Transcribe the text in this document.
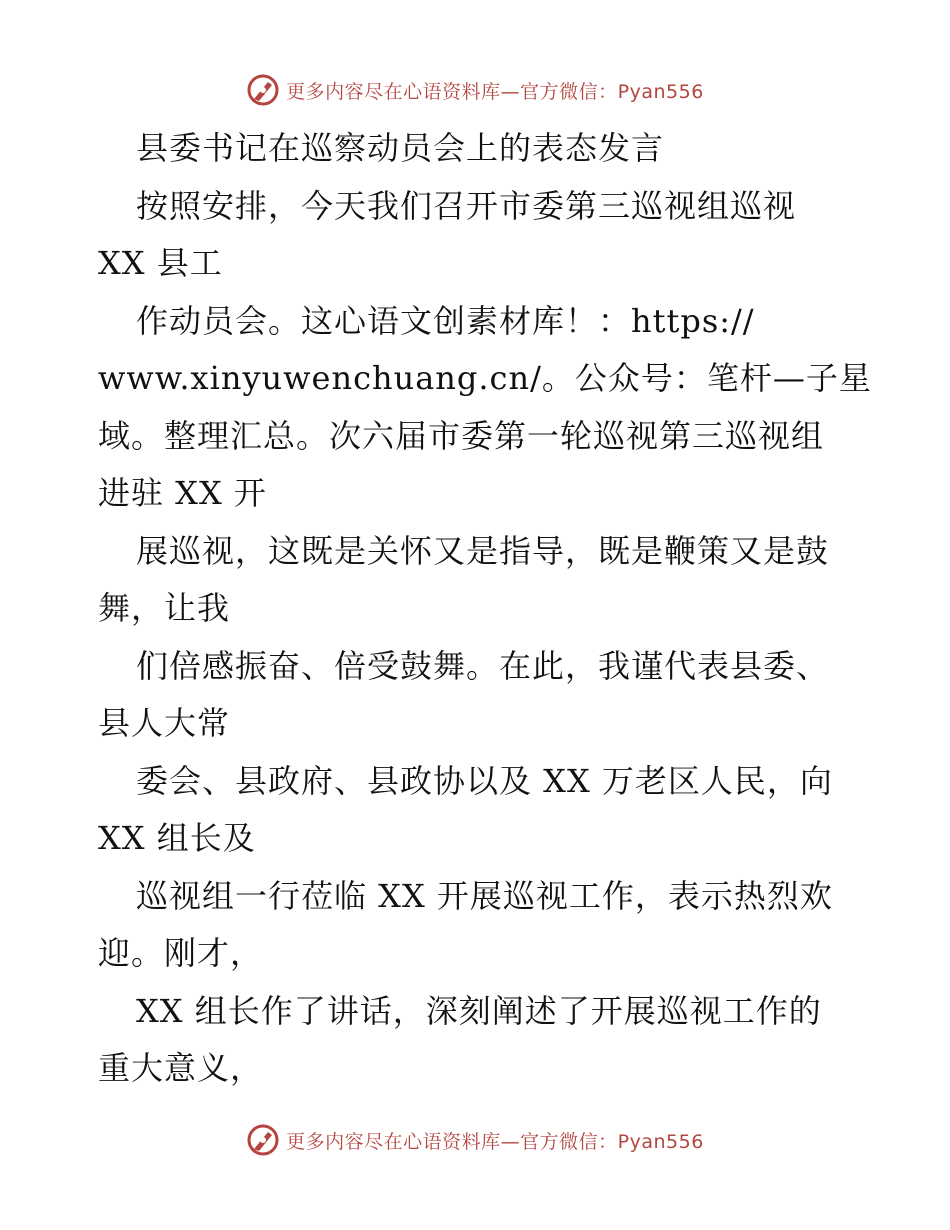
更多内容尽在心语资料库—官方微信：Pyan556
县委书记在巡察动员会上的表态发言
按照安排，今天我们召开市委第三巡视组巡视
XX 县工
作动员会。这心语文创素材库！：https://
www.xinyuwenchuang.cn/。公众号：笔杆—子星
域。整理汇总。次六届市委第一轮巡视第三巡视组
进驻 XX 开
展巡视，这既是关怀又是指导，既是鞭策又是鼓
舞，让我
们倍感振奋、倍受鼓舞。在此，我谨代表县委、
县人大常
委会、县政府、县政协以及 XX 万老区人民，向
XX 组长及
巡视组一行莅临 XX 开展巡视工作，表示热烈欢
迎。刚才，
XX 组长作了讲话，深刻阐述了开展巡视工作的
重大意义，
更多内容尽在心语资料库—官方微信：Pyan556
